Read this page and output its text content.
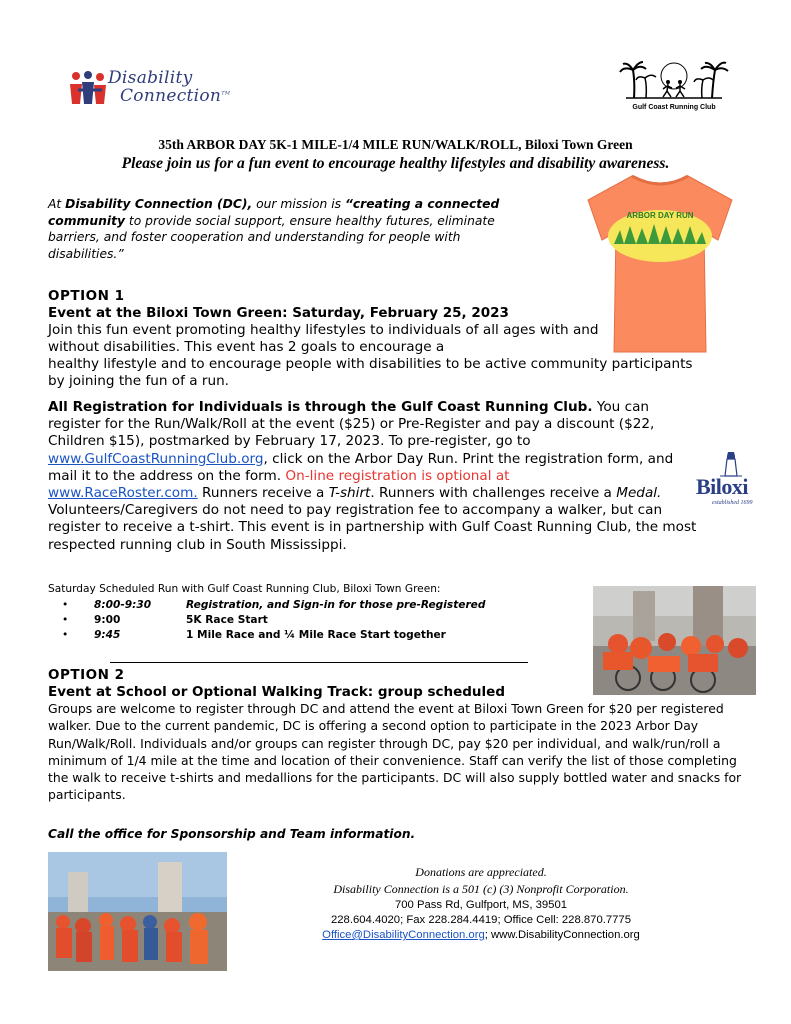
Disability
Connection™
Gulf Coast Running Club
35th ARBOR DAY 5K-1 MILE-1/4 MILE RUN/WALK/ROLL, Biloxi Town Green
Please join us for a fun event to encourage healthy lifestyles and disability awareness.
At Disability Connection (DC), our mission is “creating a connected community to provide social support, ensure healthy futures, eliminate barriers, and foster cooperation and understanding for people with disabilities.”
ARBOR DAY RUN
OPTION 1
Event at the Biloxi Town Green: Saturday, February 25, 2023
Join this fun event promoting healthy lifestyles to individuals of all ages with and without disabilities. This event has 2 goals to encourage a
healthy lifestyle and to encourage people with disabilities to be active community participants by joining the fun of a run.
All Registration for Individuals is through the Gulf Coast Running Club. You can register for the Run/Walk/Roll at the event ($25) or Pre-Register and pay a discount ($22, Children $15), postmarked by February 17, 2023. To pre-register, go to www.GulfCoastRunningClub.org, click on the Arbor Day Run. Print the registration form, and mail it to the address on the form. On-line registration is optional at
www.RaceRoster.com. Runners receive a T-shirt. Runners with challenges receive a Medal. Volunteers/Caregivers do not need to pay registration fee to accompany a walker, but can register to receive a t-shirt. This event is in partnership with Gulf Coast Running Club, the most respected running club in South Mississippi.
Biloxi
established 1699
Saturday Scheduled Run with Gulf Coast Running Club, Biloxi Town Green:
• 8:00-9:30	Registration, and Sign-in for those pre-Registered
• 9:00	5K Race Start
• 9:45	1 Mile Race and ¼ Mile Race Start together
OPTION 2
Event at School or Optional Walking Track: group scheduled
Groups are welcome to register through DC and attend the event at Biloxi Town Green for $20 per registered walker. Due to the current pandemic, DC is offering a second option to participate in the 2023 Arbor Day Run/Walk/Roll. Individuals and/or groups can register through DC, pay $20 per individual, and walk/run/roll a minimum of 1/4 mile at the time and location of their convenience. Staff can verify the list of those completing the walk to receive t-shirts and medallions for the participants. DC will also supply bottled water and snacks for participants.
Call the office for Sponsorship and Team information.
Donations are appreciated.
Disability Connection is a 501 (c) (3) Nonprofit Corporation.
700 Pass Rd, Gulfport, MS, 39501
228.604.4020; Fax 228.284.4419; Office Cell: 228.870.7775
Office@DisabilityConnection.org; www.DisabilityConnection.org
